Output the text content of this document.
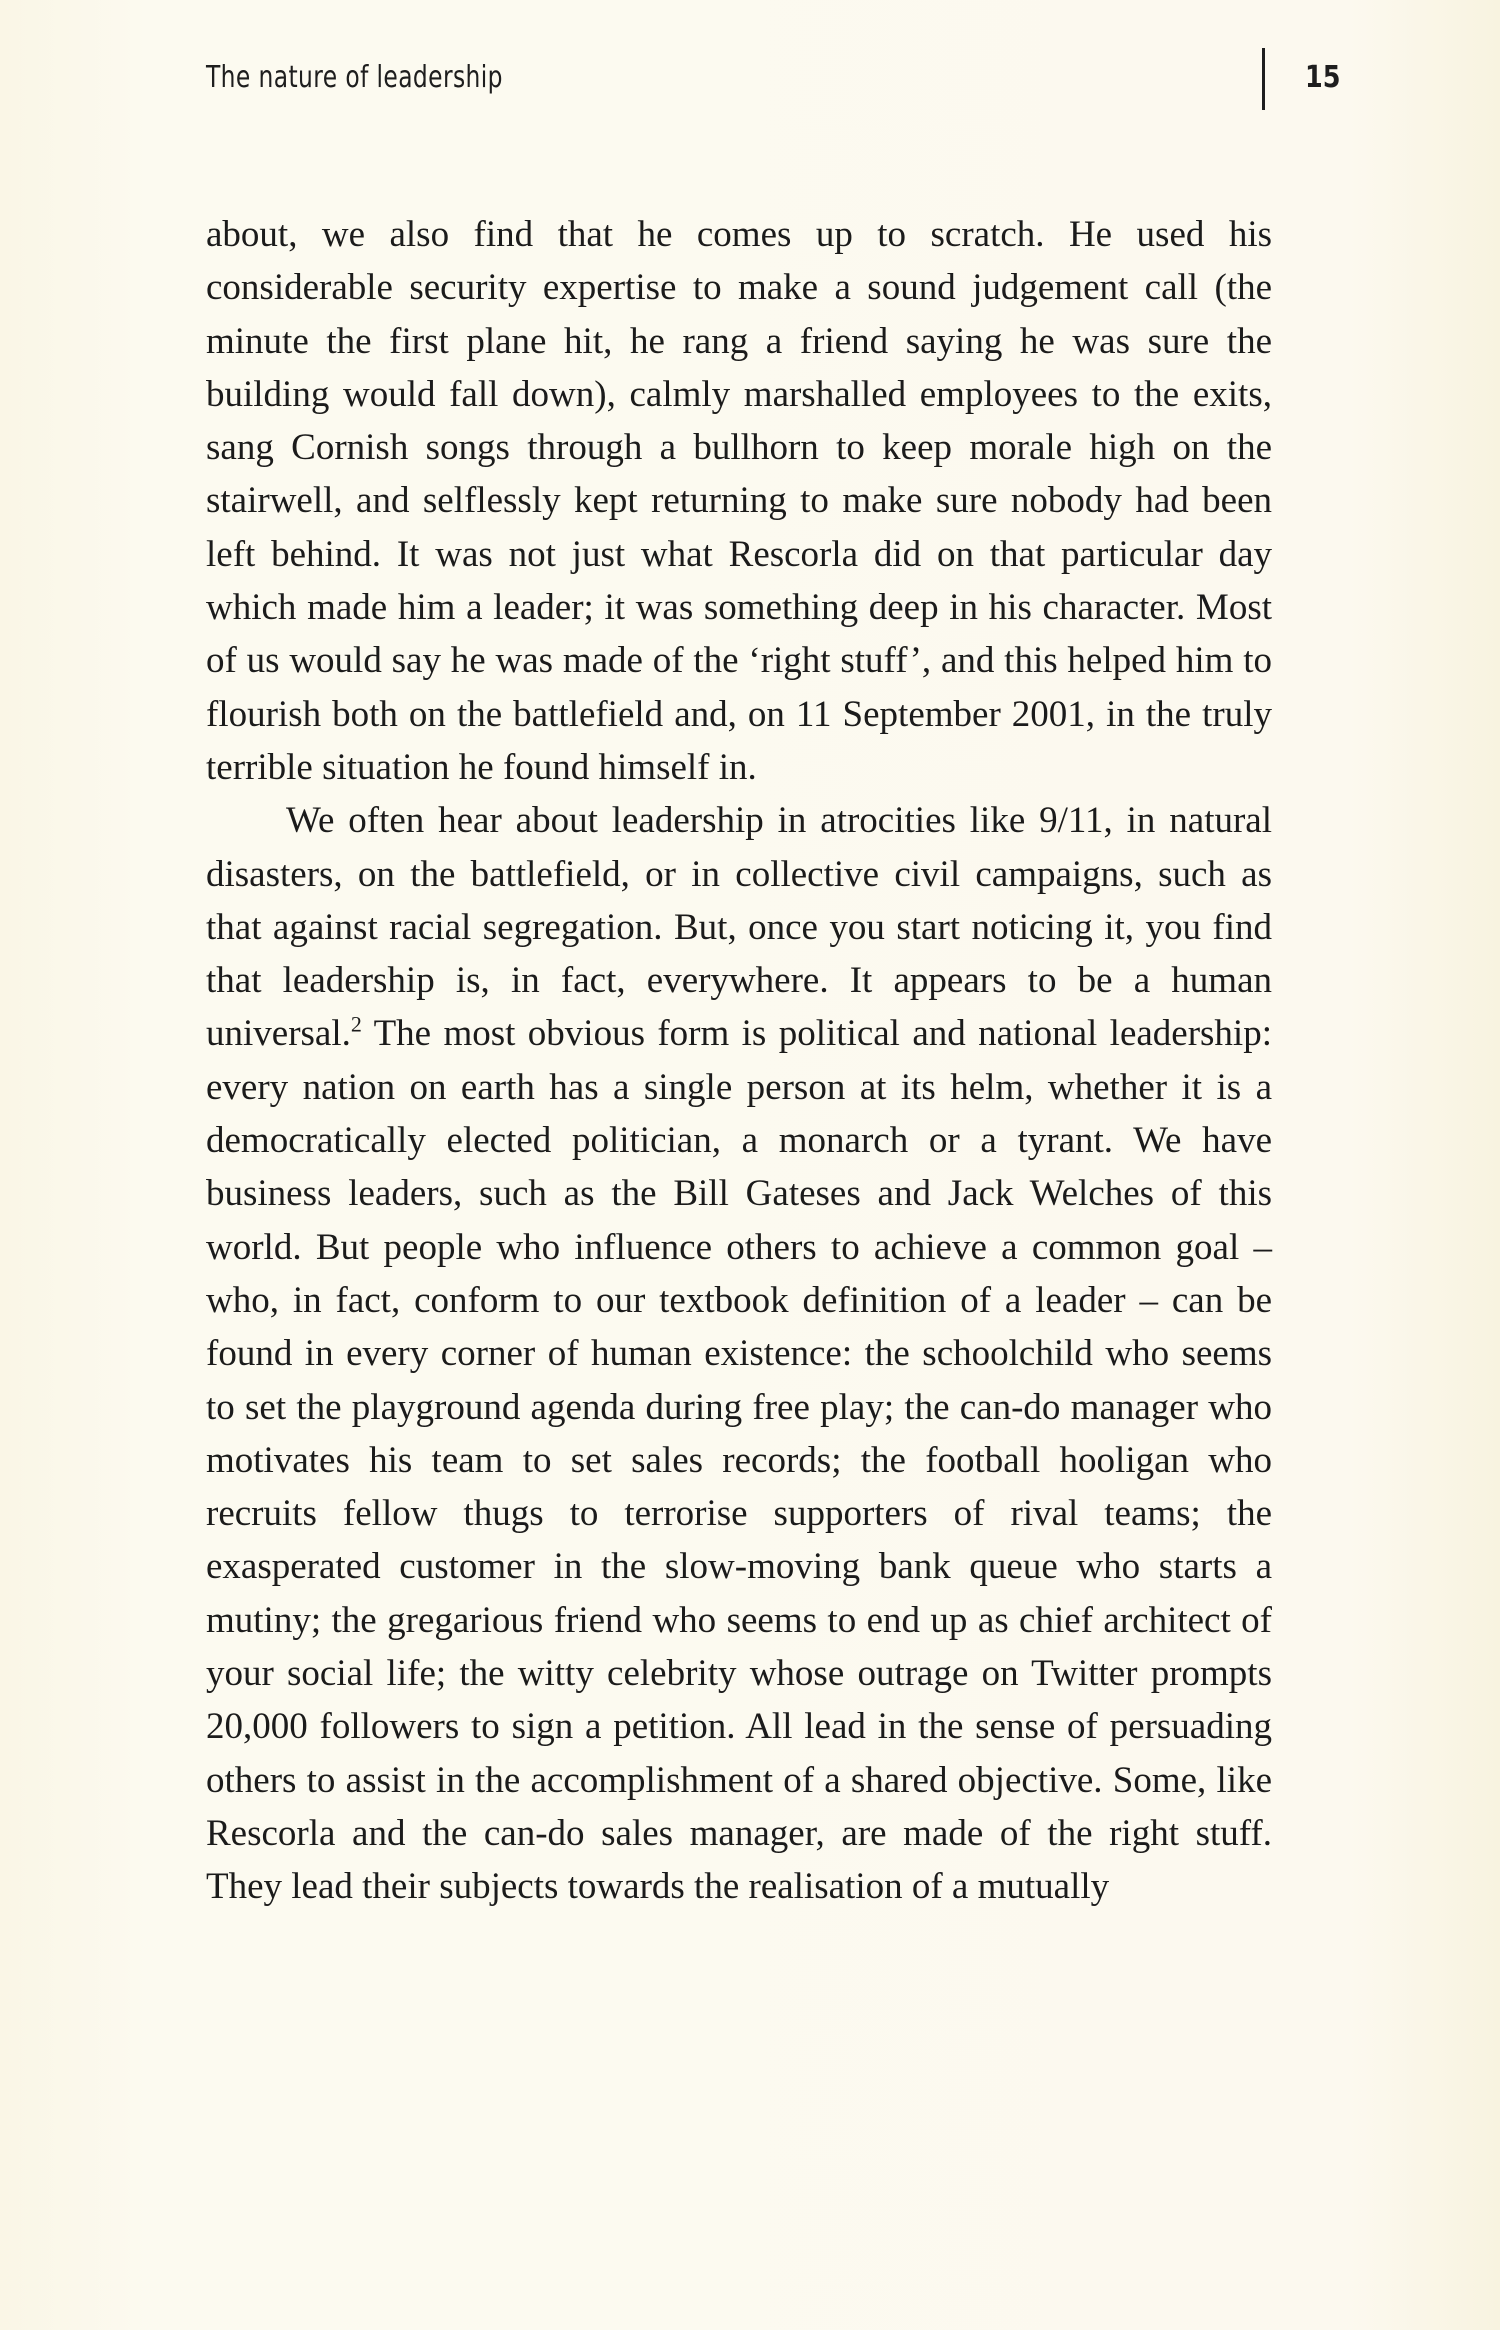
The nature of leadership	15

about, we also find that he comes up to scratch. He used his considerable security expertise to make a sound judgement call (the minute the first plane hit, he rang a friend saying he was sure the building would fall down), calmly marshalled employees to the exits, sang Cornish songs through a bullhorn to keep morale high on the stairwell, and selflessly kept returning to make sure nobody had been left behind. It was not just what Rescorla did on that particular day which made him a leader; it was something deep in his character. Most of us would say he was made of the ‘right stuff’, and this helped him to flourish both on the battlefield and, on 11 September 2001, in the truly terrible situation he found himself in.

We often hear about leadership in atrocities like 9/11, in natural disasters, on the battlefield, or in collective civil campaigns, such as that against racial segregation. But, once you start noticing it, you find that leadership is, in fact, everywhere. It appears to be a human universal.$^2$ The most obvious form is political and national leadership: every nation on earth has a single person at its helm, whether it is a democratically elected politician, a monarch or a tyrant. We have business leaders, such as the Bill Gateses and Jack Welches of this world. But people who influence others to achieve a common goal – who, in fact, conform to our textbook definition of a leader – can be found in every corner of human existence: the schoolchild who seems to set the playground agenda during free play; the can-do manager who motivates his team to set sales records; the football hooligan who recruits fellow thugs to terrorise supporters of rival teams; the exasperated customer in the slow-moving bank queue who starts a mutiny; the gregarious friend who seems to end up as chief architect of your social life; the witty celebrity whose outrage on Twitter prompts 20,000 followers to sign a petition. All lead in the sense of persuading others to assist in the accomplishment of a shared objective. Some, like Rescorla and the can-do sales manager, are made of the right stuff. They lead their subjects towards the realisation of a mutually
